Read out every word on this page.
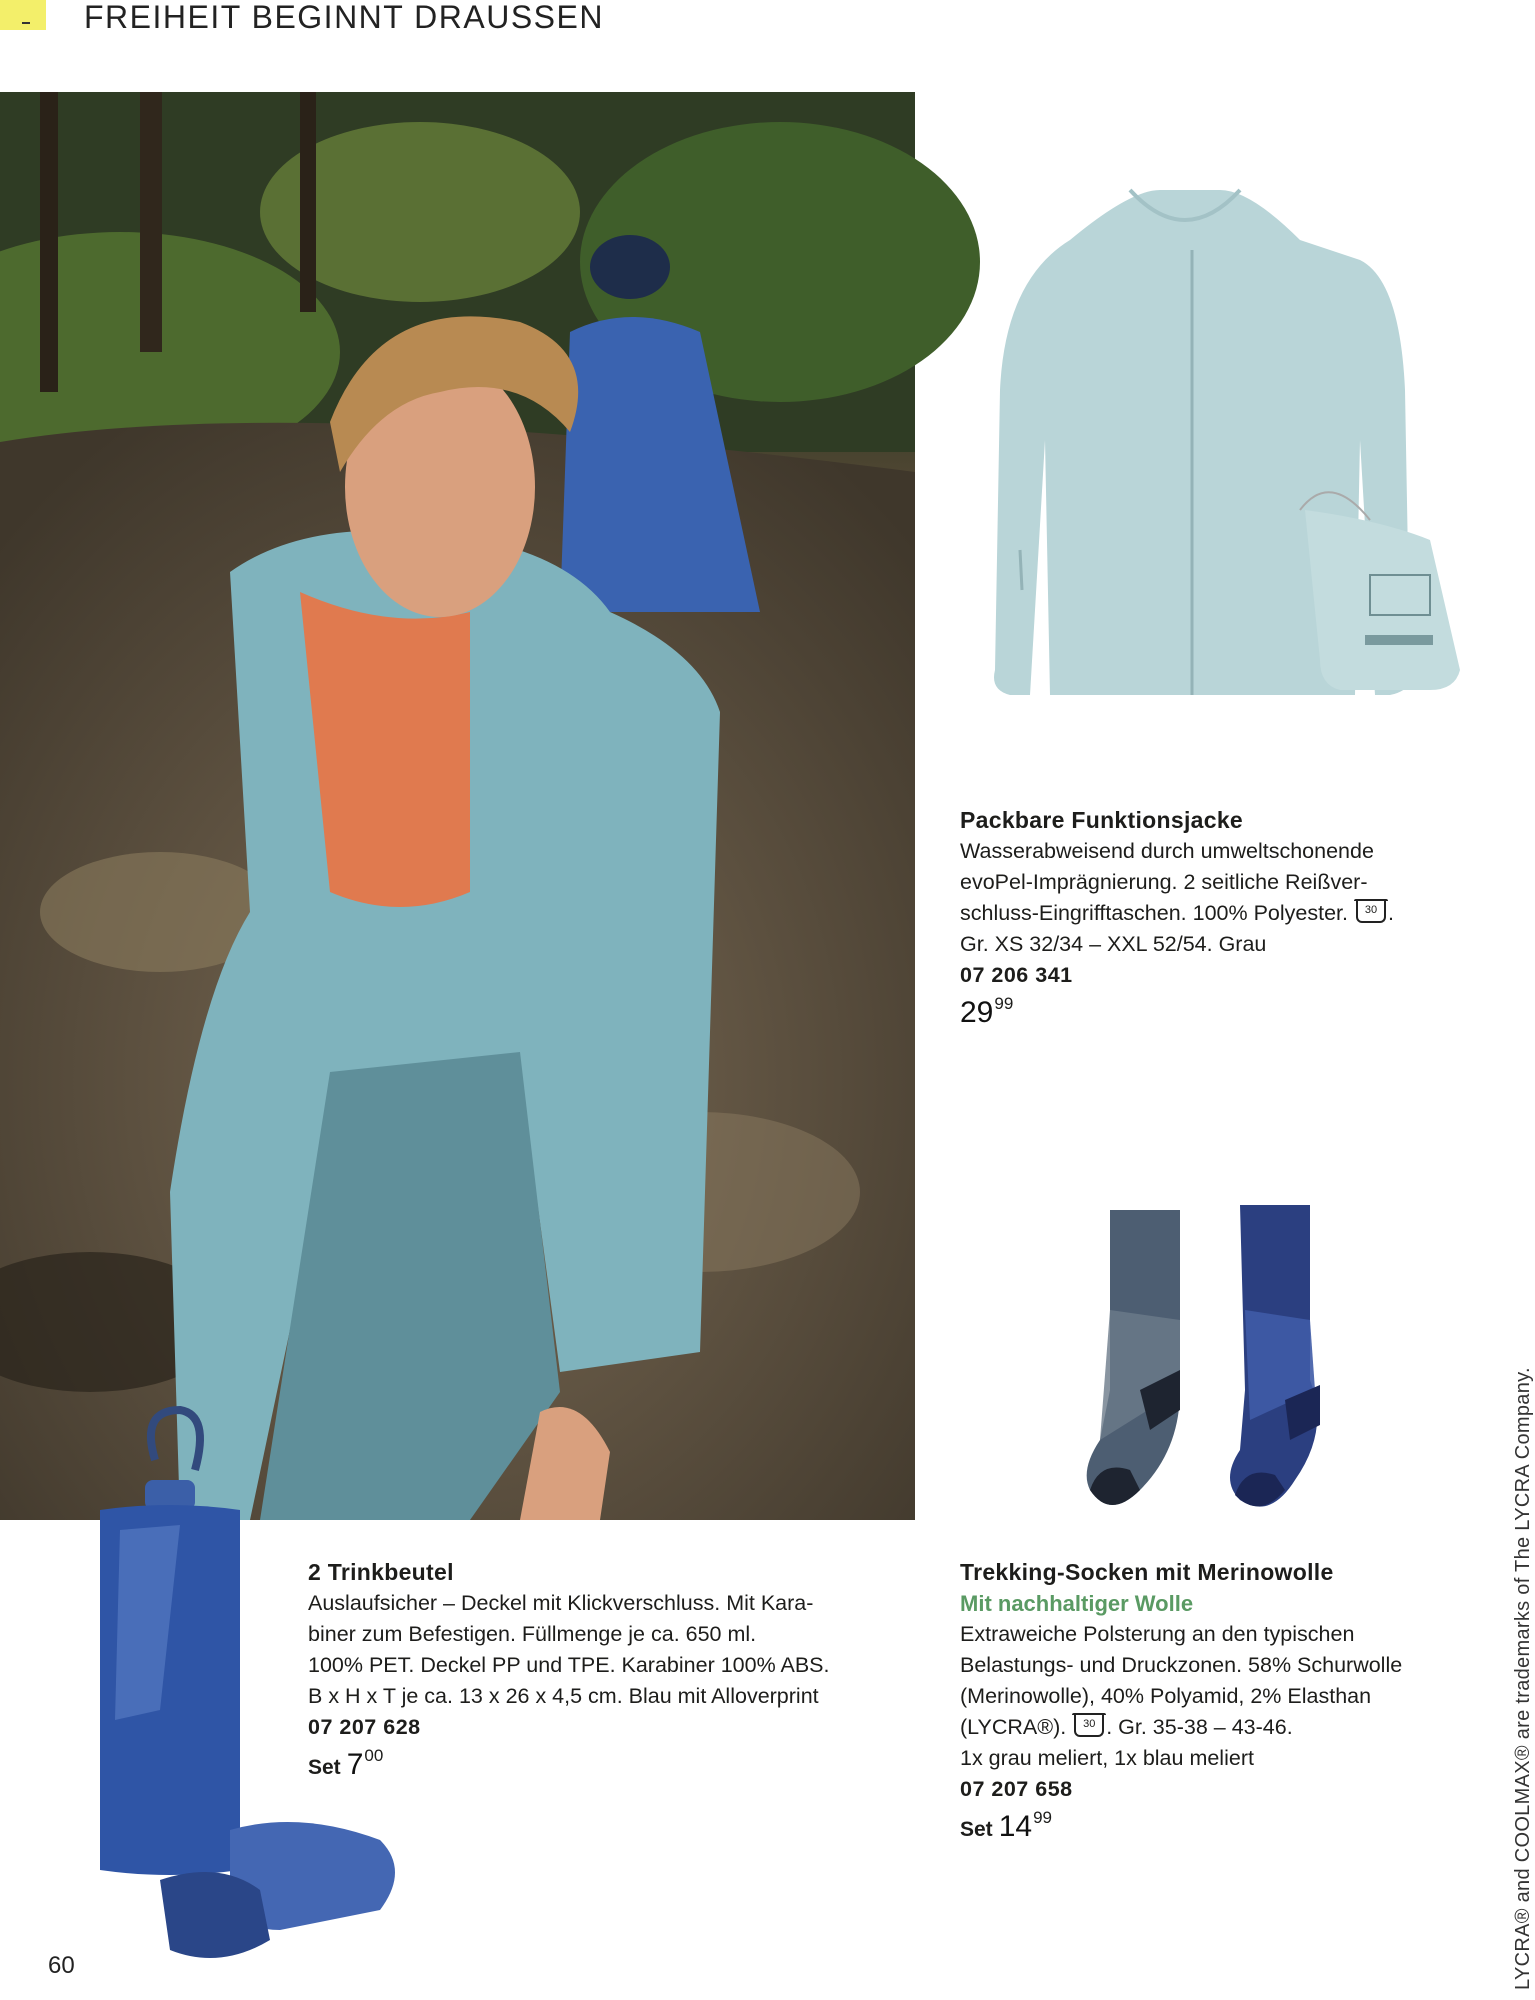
FREIHEIT BEGINNT DRAUSSEN
Packbare Funktionsjacke
Wasserabweisend durch umweltschonende
evoPel-Imprägnierung. 2 seitliche Reißver-
schluss-Eingrifftaschen. 100% Polyester. 30 .
Gr. XS 32/34 – XXL 52/54. Grau
07 206 341
$29^{99}$
2 Trinkbeutel
Auslaufsicher – Deckel mit Klickverschluss. Mit Kara-
biner zum Befestigen. Füllmenge je ca. 650 ml.
100% PET. Deckel PP und TPE. Karabiner 100% ABS.
B x H x T je ca. 13 x 26 x 4,5 cm. Blau mit Alloverprint
07 207 628
Set $7^{00}$
Trekking-Socken mit Merinowolle
Mit nachhaltiger Wolle
Extraweiche Polsterung an den typischen
Belastungs- und Druckzonen. 58% Schurwolle
(Merinowolle), 40% Polyamid, 2% Elasthan
(LYCRA®). 30 . Gr. 35-38 – 43-46.
1x grau meliert, 1x blau meliert
07 207 658
Set $14^{99}$	LYCRA® and COOLMAX® are trademarks of The LYCRA Company.
60
